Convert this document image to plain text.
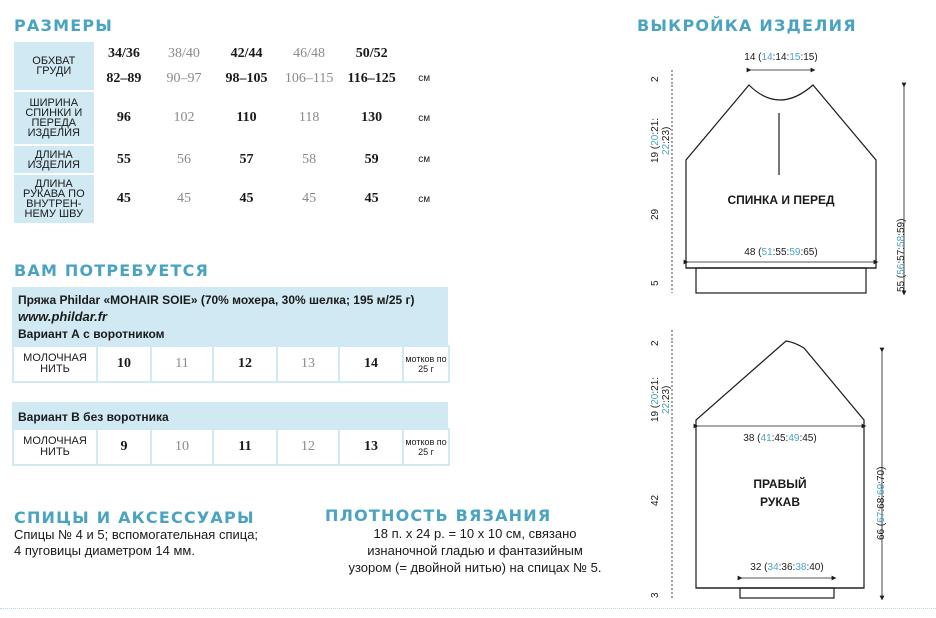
РАЗМЕРЫ
ОБХВАТ ГРУДИ	34/36	38/40	42/44	46/48	50/52	
	82–89	90–97	98–105	106–115	116–125	см
ШИРИНА СПИНКИ И ПЕРЕДА ИЗДЕЛИЯ	96	102	110	118	130	см
ДЛИНА ИЗДЕЛИЯ	55	56	57	58	59	см
ДЛИНА РУКАВА ПО ВНУТРЕН- НЕМУ ШВУ	45	45	45	45	45	см
ВАМ ПОТРЕБУЕТСЯ
Пряжа Phildar «MOHAIR SOIE» (70% мохера, 30% шелка; 195 м/25 г)
www.phildar.fr
Вариант А с воротником
МОЛОЧНАЯ НИТЬ	10	11	12	13	14	мотков по 25 г
Вариант В без воротника
МОЛОЧНАЯ НИТЬ	9	10	11	12	13	мотков по 25 г
СПИЦЫ И АКСЕССУАРЫ
Спицы № 4 и 5; вспомогательная спица;
4 пуговицы диаметром 14 мм.
ПЛОТНОСТЬ ВЯЗАНИЯ
18 п. х 24 р. = 10 х 10 см, связано
изнаночной гладью и фантазийным
узором (= двойной нитью) на спицах № 5.
ВЫКРОЙКА ИЗДЕЛИЯ
14 (14:14:15:15)
48 (51:55:59:65)
СПИНКА И ПЕРЕД
55 (56:57:58:59)
2
19 (20:21:
22:23)
29
5
38 (41:45:49:45)
32 (34:36:38:40)
ПРАВЫЙ
РУКАВ
66 (67:68:69:70)
2
19 (20:21:
22:23)
42
3
